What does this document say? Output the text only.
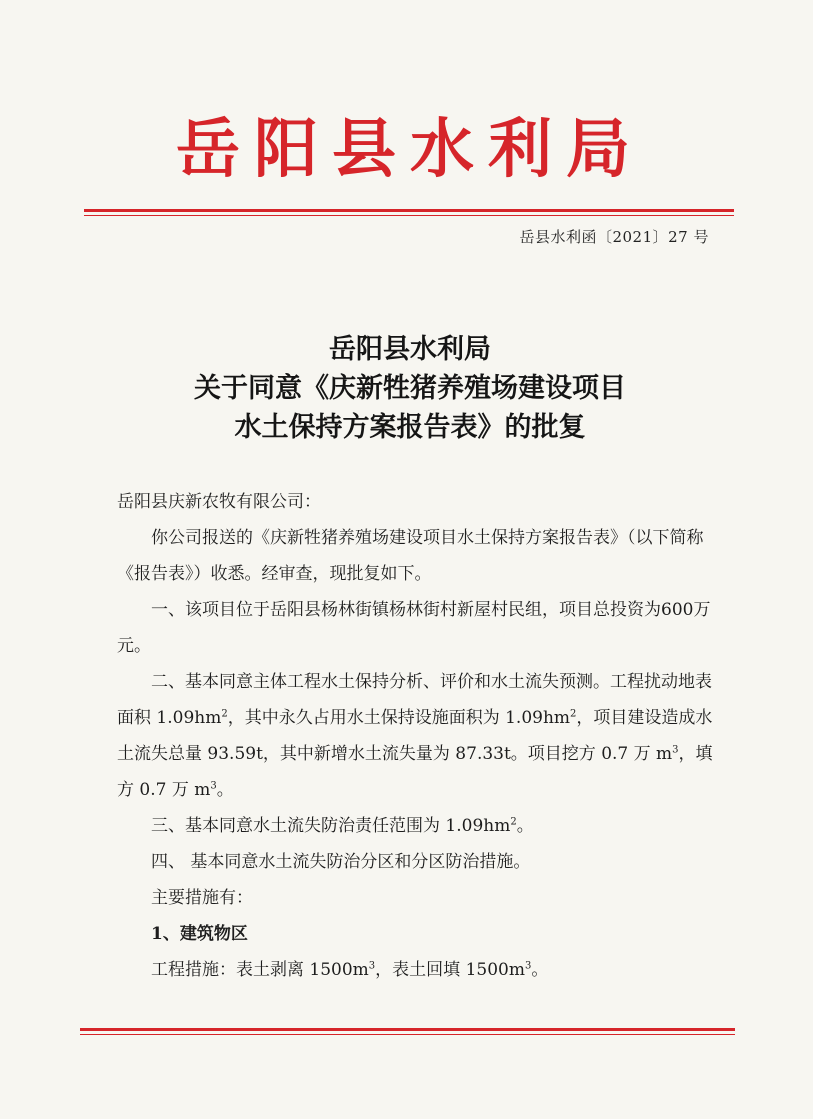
岳阳县水利局
岳县水利函〔2021〕27 号
岳阳县水利局
关于同意《庆新牲猪养殖场建设项目
水土保持方案报告表》的批复

岳阳县庆新农牧有限公司：

你公司报送的《庆新牲猪养殖场建设项目水土保持方案报告表》（以下简称《报告表》）收悉。经审查，现批复如下。

一、该项目位于岳阳县杨林街镇杨林街村新屋村民组，项目总投资为600万元。

二、基本同意主体工程水土保持分析、评价和水土流失预测。工程扰动地表面积 $1.09hm^2$，其中永久占用水土保持设施面积为 $1.09hm^2$，项目建设造成水土流失总量 93.59t，其中新增水土流失量为 87.33t。项目挖方 0.7 万 $m^3$，填方 0.7 万 $m^3$。

三、基本同意水土流失防治责任范围为 $1.09hm^2$。

四、 基本同意水土流失防治分区和分区防治措施。

主要措施有：

1、建筑物区

工程措施：表土剥离 $1500m^3$，表土回填 $1500m^3$。
